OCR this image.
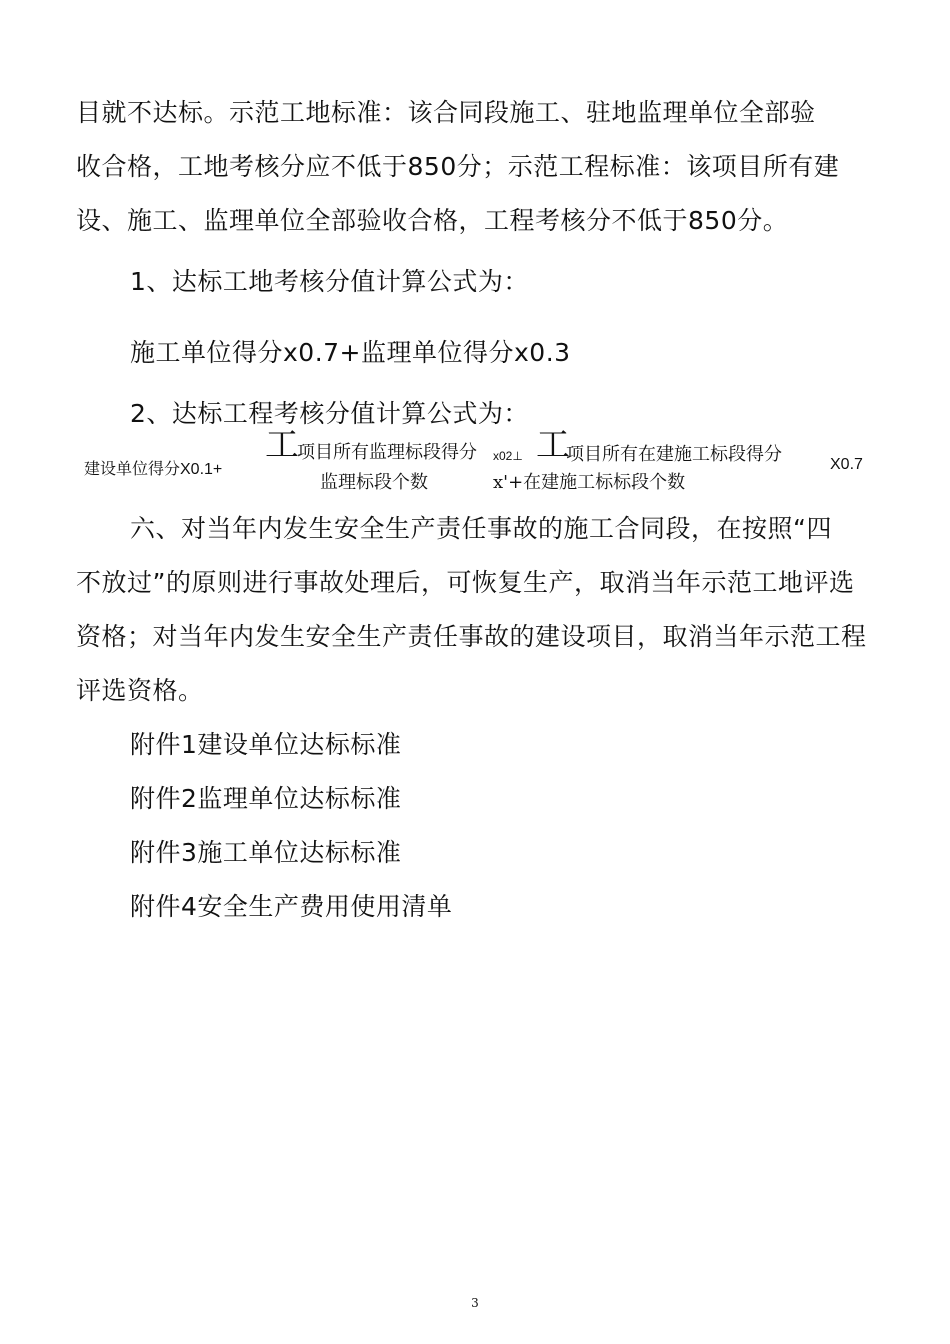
目就不达标。示范工地标准：该合同段施工、驻地监理单位全部验
收合格，工地考核分应不低于850分；示范工程标准：该项目所有建
设、施工、监理单位全部验收合格，工程考核分不低于850分。
1、达标工地考核分值计算公式为：
施工单位得分x0.7+监理单位得分x0.3
2、达标工程考核分值计算公式为：
建设单位得分X0.1+
工
项目所有监理标段得分
监理标段个数
x02⊥ 工
项目所有在建施工标段得分
x'+在建施工标标段个数
X0.7
六、对当年内发生安全生产责任事故的施工合同段，在按照“四
不放过”的原则进行事故处理后，可恢复生产，取消当年示范工地评选
资格；对当年内发生安全生产责任事故的建设项目，取消当年示范工程
评选资格。
附件1建设单位达标标准
附件2监理单位达标标准
附件3施工单位达标标准
附件4安全生产费用使用清单
3
